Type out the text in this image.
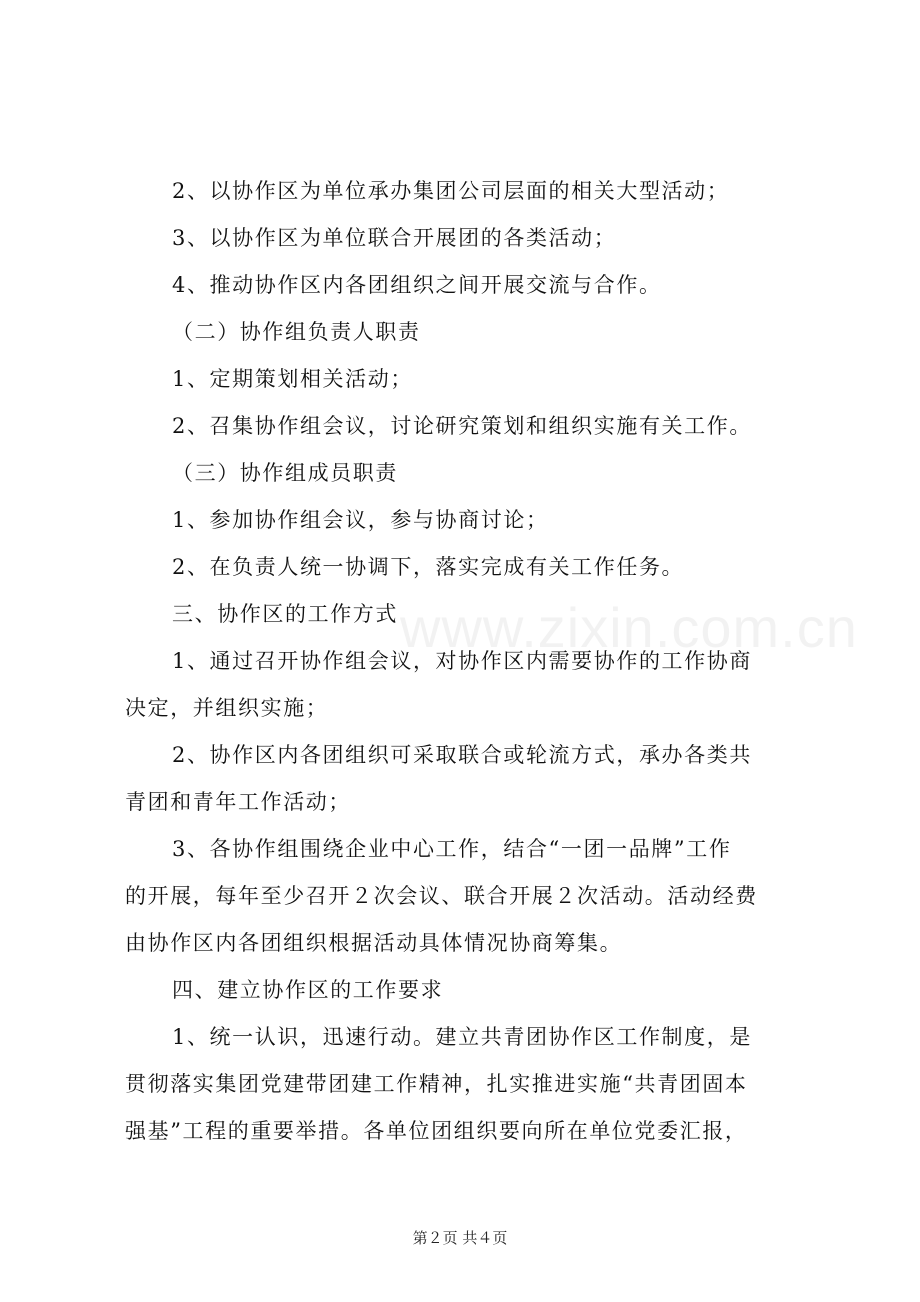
www.zixin.com.cn
2、以协作区为单位承办集团公司层面的相关大型活动；
3、以协作区为单位联合开展团的各类活动；
4、推动协作区内各团组织之间开展交流与合作。
（二）协作组负责人职责
1、定期策划相关活动；
2、召集协作组会议，讨论研究策划和组织实施有关工作。
（三）协作组成员职责
1、参加协作组会议，参与协商讨论；
2、在负责人统一协调下，落实完成有关工作任务。
三、协作区的工作方式
1、通过召开协作组会议，对协作区内需要协作的工作协商
决定，并组织实施；
2、协作区内各团组织可采取联合或轮流方式，承办各类共
青团和青年工作活动；
3、各协作组围绕企业中心工作，结合“一团一品牌”工作
的开展，每年至少召开２次会议、联合开展２次活动。活动经费
由协作区内各团组织根据活动具体情况协商筹集。
四、建立协作区的工作要求
1、统一认识，迅速行动。建立共青团协作区工作制度，是
贯彻落实集团党建带团建工作精神，扎实推进实施“共青团固本
强基”工程的重要举措。各单位团组织要向所在单位党委汇报，
第２页 共４页
